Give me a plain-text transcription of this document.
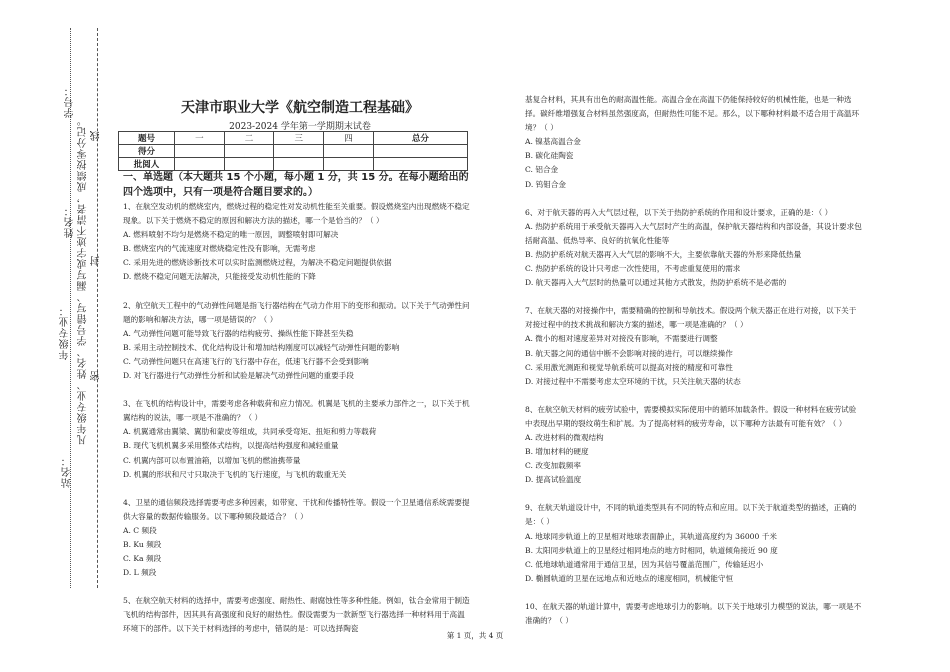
年级专业： 凡年级专业、姓名、学号错写、漏写或字迹不清者，成绩按零分记。
姓名：
学号：
站名：
密
封
线
天津市职业大学《航空制造工程基础》
2023-2024 学年第一学期期末试卷
题号	一	二	三	四	总分
得分					
批阅人					
一、单选题（本大题共 15 个小题，每小题 1 分，共 15 分。在每小题给出的四个选项中，只有一项是符合题目要求的。）

1、在航空发动机的燃烧室内，燃烧过程的稳定性对发动机性能至关重要。假设燃烧室内出现燃烧不稳定现象。以下关于燃烧不稳定的原因和解决方法的描述，哪一个是恰当的？（ ）

A. 燃料喷射不均匀是燃烧不稳定的唯一原因，调整喷射即可解决

B. 燃烧室内的气流速度对燃烧稳定性没有影响，无需考虑

C. 采用先进的燃烧诊断技术可以实时监测燃烧过程，为解决不稳定问题提供依据

D. 燃烧不稳定问题无法解决，只能接受发动机性能的下降

2、航空航天工程中的气动弹性问题是指飞行器结构在气动力作用下的变形和振动。以下关于气动弹性问题的影响和解决方法，哪一项是错误的？（ ）

A. 气动弹性问题可能导致飞行器的结构疲劳、操纵性能下降甚至失稳

B. 采用主动控制技术、优化结构设计和增加结构刚度可以减轻气动弹性问题的影响

C. 气动弹性问题只在高速飞行的飞行器中存在，低速飞行器不会受到影响

D. 对飞行器进行气动弹性分析和试验是解决气动弹性问题的重要手段

3、在飞机的结构设计中，需要考虑各种载荷和应力情况。机翼是飞机的主要承力部件之一，以下关于机翼结构的说法，哪一项是不准确的？（ ）

A. 机翼通常由翼梁、翼肋和蒙皮等组成，共同承受弯矩、扭矩和剪力等载荷

B. 现代飞机机翼多采用整体式结构，以提高结构强度和减轻重量

C. 机翼内部可以布置油箱，以增加飞机的燃油携带量

D. 机翼的形状和尺寸只取决于飞机的飞行速度，与飞机的载重无关

4、卫星的通信频段选择需要考虑多种因素，如带宽、干扰和传播特性等。假设一个卫星通信系统需要提供大容量的数据传输服务。以下哪种频段最适合？（ ）

A. C 频段

B. Ku 频段

C. Ka 频段

D. L 频段

5、在航空航天材料的选择中，需要考虑强度、耐热性、耐腐蚀性等多种性能。例如，钛合金常用于制造飞机的结构部件，因其具有高强度和良好的耐热性。假设需要为一款新型飞行器选择一种材料用于高温环境下的部件。以下关于材料选择的考虑中，错误的是：可以选择陶瓷

基复合材料，其具有出色的耐高温性能。高温合金在高温下仍能保持较好的机械性能，也是一种选择。碳纤维增强复合材料虽然强度高，但耐热性可能不足。那么，以下哪种材料最不适合用于高温环境？（ ）

A. 镍基高温合金

B. 碳化硅陶瓷

C. 铝合金

D. 钨钼合金

6、对于航天器的再入大气层过程，以下关于热防护系统的作用和设计要求，正确的是：（ ）

A. 热防护系统用于承受航天器再入大气层时产生的高温，保护航天器结构和内部设备，其设计要求包括耐高温、低热导率、良好的抗氧化性能等

B. 热防护系统对航天器再入大气层的影响不大，主要依靠航天器的外形来降低热量

C. 热防护系统的设计只考虑一次性使用，不考虑重复使用的需求

D. 航天器再入大气层时的热量可以通过其他方式散发，热防护系统不是必需的

7、在航天器的对接操作中，需要精确的控制和导航技术。假设两个航天器正在进行对接，以下关于对接过程中的技术挑战和解决方案的描述，哪一项是准确的？（ ）

A. 微小的相对速度差异对对接没有影响，不需要进行调整

B. 航天器之间的通信中断不会影响对接的进行，可以继续操作

C. 采用激光测距和视觉导航系统可以提高对接的精度和可靠性

D. 对接过程中不需要考虑太空环境的干扰，只关注航天器的状态

8、在航空航天材料的疲劳试验中，需要模拟实际使用中的循环加载条件。假设一种材料在疲劳试验中表现出早期的裂纹萌生和扩展。为了提高材料的疲劳寿命，以下哪种方法最有可能有效？（ ）

A. 改进材料的微观结构

B. 增加材料的硬度

C. 改变加载频率

D. 提高试验温度

9、在航天轨道设计中，不同的轨道类型具有不同的特点和应用。以下关于航道类型的描述，正确的是：（ ）

A. 地球同步轨道上的卫星相对地球表面静止，其轨道高度约为 36000 千米

B. 太阳同步轨道上的卫星经过相同地点的地方时相同，轨道倾角接近 90 度

C. 低地球轨道通常用于通信卫星，因为其信号覆盖范围广，传输延迟小

D. 椭圆轨道的卫星在远地点和近地点的速度相同，机械能守恒

10、在航天器的轨道计算中，需要考虑地球引力的影响。以下关于地球引力模型的说法，哪一项是不准确的？（ ）

第 1 页，共 4 页
